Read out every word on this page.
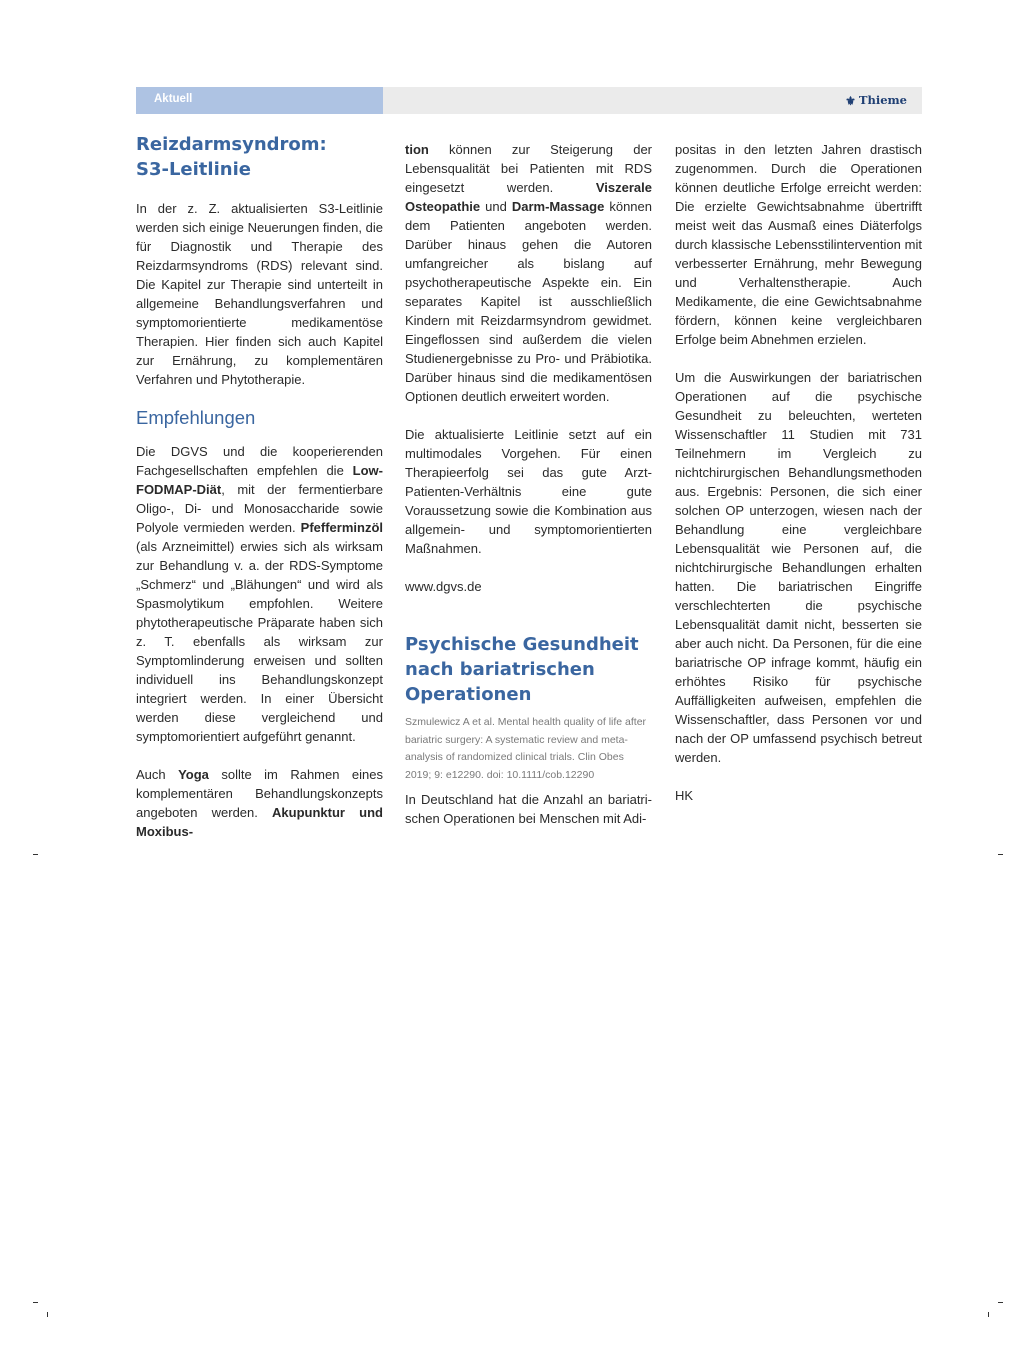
Aktuell	⚜ Thieme
Reizdarmsyndrom:
S3-Leitlinie

In der z. Z. aktualisierten S3-Leitlinie werden sich einige Neuerungen finden, die für Diagnostik und Therapie des Reizdarmsyndroms (RDS) relevant sind. Die Kapitel zur Therapie sind unterteilt in allgemeine Behandlungsverfahren und symptomorientierte medikamentöse Therapien. Hier finden sich auch Kapitel zur Ernährung, zu komplementären Verfahren und Phytotherapie.

Empfehlungen

Die DGVS und die kooperierenden Fachgesellschaften empfehlen die Low-FODMAP-Diät, mit der fermentierbare Oligo-, Di- und Monosaccharide sowie Polyole vermieden werden. Pfefferminzöl (als Arzneimittel) erwies sich als wirksam zur Behandlung v. a. der RDS-Symptome „Schmerz“ und „Blähungen“ und wird als Spasmolytikum empfohlen. Weitere phytotherapeutische Präparate haben sich z. T. ebenfalls als wirksam zur Symptomlinderung erweisen und sollten individuell ins Behandlungskonzept integriert werden. In einer Übersicht werden diese vergleichend und symptomorientiert aufgeführt genannt.

Auch Yoga sollte im Rahmen eines komplementären Behandlungskonzepts angeboten werden. Akupunktur und Moxibus-

tion können zur Steigerung der Lebensqualität bei Patienten mit RDS eingesetzt werden. Viszerale Osteopathie und Darm-Massage können dem Patienten angeboten werden. Darüber hinaus gehen die Autoren umfangreicher als bislang auf psychotherapeutische Aspekte ein. Ein separates Kapitel ist ausschließlich Kindern mit Reizdarmsyndrom gewidmet. Eingeflossen sind außerdem die vielen Studienergebnisse zu Pro- und Präbiotika. Darüber hinaus sind die medikamentösen Optionen deutlich erweitert worden.

Die aktualisierte Leitlinie setzt auf ein multimodales Vorgehen. Für einen Therapieerfolg sei das gute Arzt-Patienten-Verhältnis eine gute Voraussetzung sowie die Kombination aus allgemein- und symptomorientierten Maßnahmen.

www.dgvs.de

Psychische Gesundheit
nach bariatrischen
Operationen

Szmulewicz A et al. Mental health quality of life after bariatric surgery: A systematic review and meta-analysis of randomized clinical trials. Clin Obes 2019; 9: e12290. doi: 10.1111/cob.12290

In Deutschland hat die Anzahl an bariatrischen Operationen bei Menschen mit Adi-

positas in den letzten Jahren drastisch zugenommen. Durch die Operationen können deutliche Erfolge erreicht werden: Die erzielte Gewichtsabnahme übertrifft meist weit das Ausmaß eines Diäterfolgs durch klassische Lebensstilintervention mit verbesserter Ernährung, mehr Bewegung und Verhaltenstherapie. Auch Medikamente, die eine Gewichtsabnahme fördern, können keine vergleichbaren Erfolge beim Abnehmen erzielen.

Um die Auswirkungen der bariatrischen Operationen auf die psychische Gesundheit zu beleuchten, werteten Wissenschaftler 11 Studien mit 731 Teilnehmern im Vergleich zu nichtchirurgischen Behandlungsmethoden aus. Ergebnis: Personen, die sich einer solchen OP unterzogen, wiesen nach der Behandlung eine vergleichbare Lebensqualität wie Personen auf, die nichtchirurgische Behandlungen erhalten hatten. Die bariatrischen Eingriffe verschlechterten die psychische Lebensqualität damit nicht, besserten sie aber auch nicht. Da Personen, für die eine bariatrische OP infrage kommt, häufig ein erhöhtes Risiko für psychische Auffälligkeiten aufweisen, empfehlen die Wissenschaftler, dass Personen vor und nach der OP umfassend psychisch betreut werden.

HK
